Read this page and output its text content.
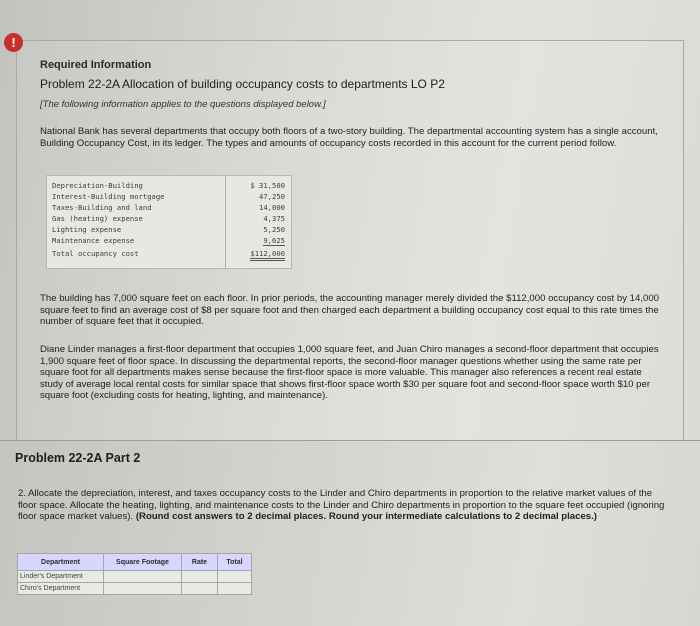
!
Required Information
Problem 22-2A Allocation of building occupancy costs to departments LO P2
[The following information applies to the questions displayed below.]
National Bank has several departments that occupy both floors of a two-story building. The departmental accounting system has a single account, Building Occupancy Cost, in its ledger. The types and amounts of occupancy costs recorded in this account for the current period follow.
Depreciation-Building	$ 31,500
Interest-Building mortgage	47,250
Taxes-Building and land	14,000
Gas (heating) expense	4,375
Lighting expense	5,250
Maintenance expense	9,625
Total occupancy cost	$112,000
The building has 7,000 square feet on each floor. In prior periods, the accounting manager merely divided the $112,000 occupancy cost by 14,000 square feet to find an average cost of $8 per square foot and then charged each department a building occupancy cost equal to this rate times the number of square feet that it occupied.
Diane Linder manages a first-floor department that occupies 1,000 square feet, and Juan Chiro manages a second-floor department that occupies 1,900 square feet of floor space. In discussing the departmental reports, the second-floor manager questions whether using the same rate per square foot for all departments makes sense because the first-floor space is more valuable. This manager also references a recent real estate study of average local rental costs for similar space that shows first-floor space worth $30 per square foot and second-floor space worth $10 per square foot (excluding costs for heating, lighting, and maintenance).
Problem 22-2A Part 2
2. Allocate the depreciation, interest, and taxes occupancy costs to the Linder and Chiro departments in proportion to the relative market values of the floor space. Allocate the heating, lighting, and maintenance costs to the Linder and Chiro departments in proportion to the square feet occupied (ignoring floor space market values). (Round cost answers to 2 decimal places. Round your intermediate calculations to 2 decimal places.)
Department	Square Footage	Rate	Total
Linder's Department			
Chiro's Department			
